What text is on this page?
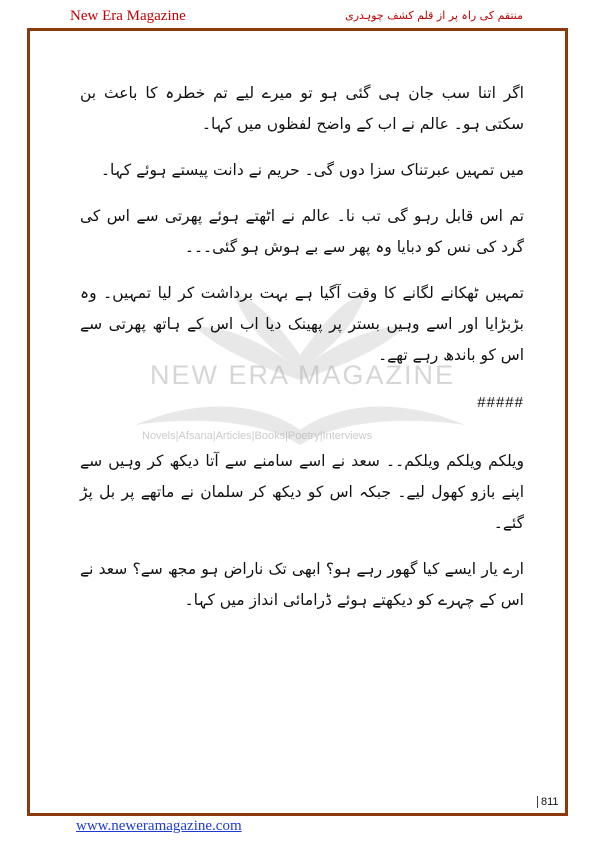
New Era Magazine	منتقم کی راہ پر از قلم کشف چوہدری
NEW ERA MAGAZINE
Novels|Afsana|Articles|Books|Poetry|Interviews

اگر اتنا سب جان ہی گئی ہو تو میرے لیے تم خطرہ کا باعث بن سکتی ہو۔ عالم نے اب کے واضح لفظوں میں کہا۔

میں تمہیں عبرتناک سزا دوں گی۔ حریم نے دانت پیستے ہوئے کہا۔

تم اس قابل رہو گی تب نا۔ عالم نے اٹھتے ہوئے پھرتی سے اس کی گرد کی نس کو دبایا وہ پھر سے بے ہوش ہو گئی۔۔۔

تمہیں ٹھکانے لگانے کا وقت آگیا ہے بہت برداشت کر لیا تمہیں۔ وہ بڑبڑایا اور اسے وہیں بستر پر پھینک دیا اب اس کے ہاتھ پھرتی سے اس کو باندھ رہے تھے۔

#####

ویلکم ویلکم ویلکم۔۔ سعد نے اسے سامنے سے آتا دیکھ کر وہیں سے اپنے بازو کھول لیے۔ جبکہ اس کو دیکھ کر سلمان نے ماتھے پر بل پڑ گئے۔

ارے یار ایسے کیا گھور رہے ہو؟ ابھی تک ناراض ہو مجھ سے؟ سعد نے اس کے چہرے کو دیکھتے ہوئے ڈرامائی انداز میں کہا۔

811
www.neweramagazine.com
